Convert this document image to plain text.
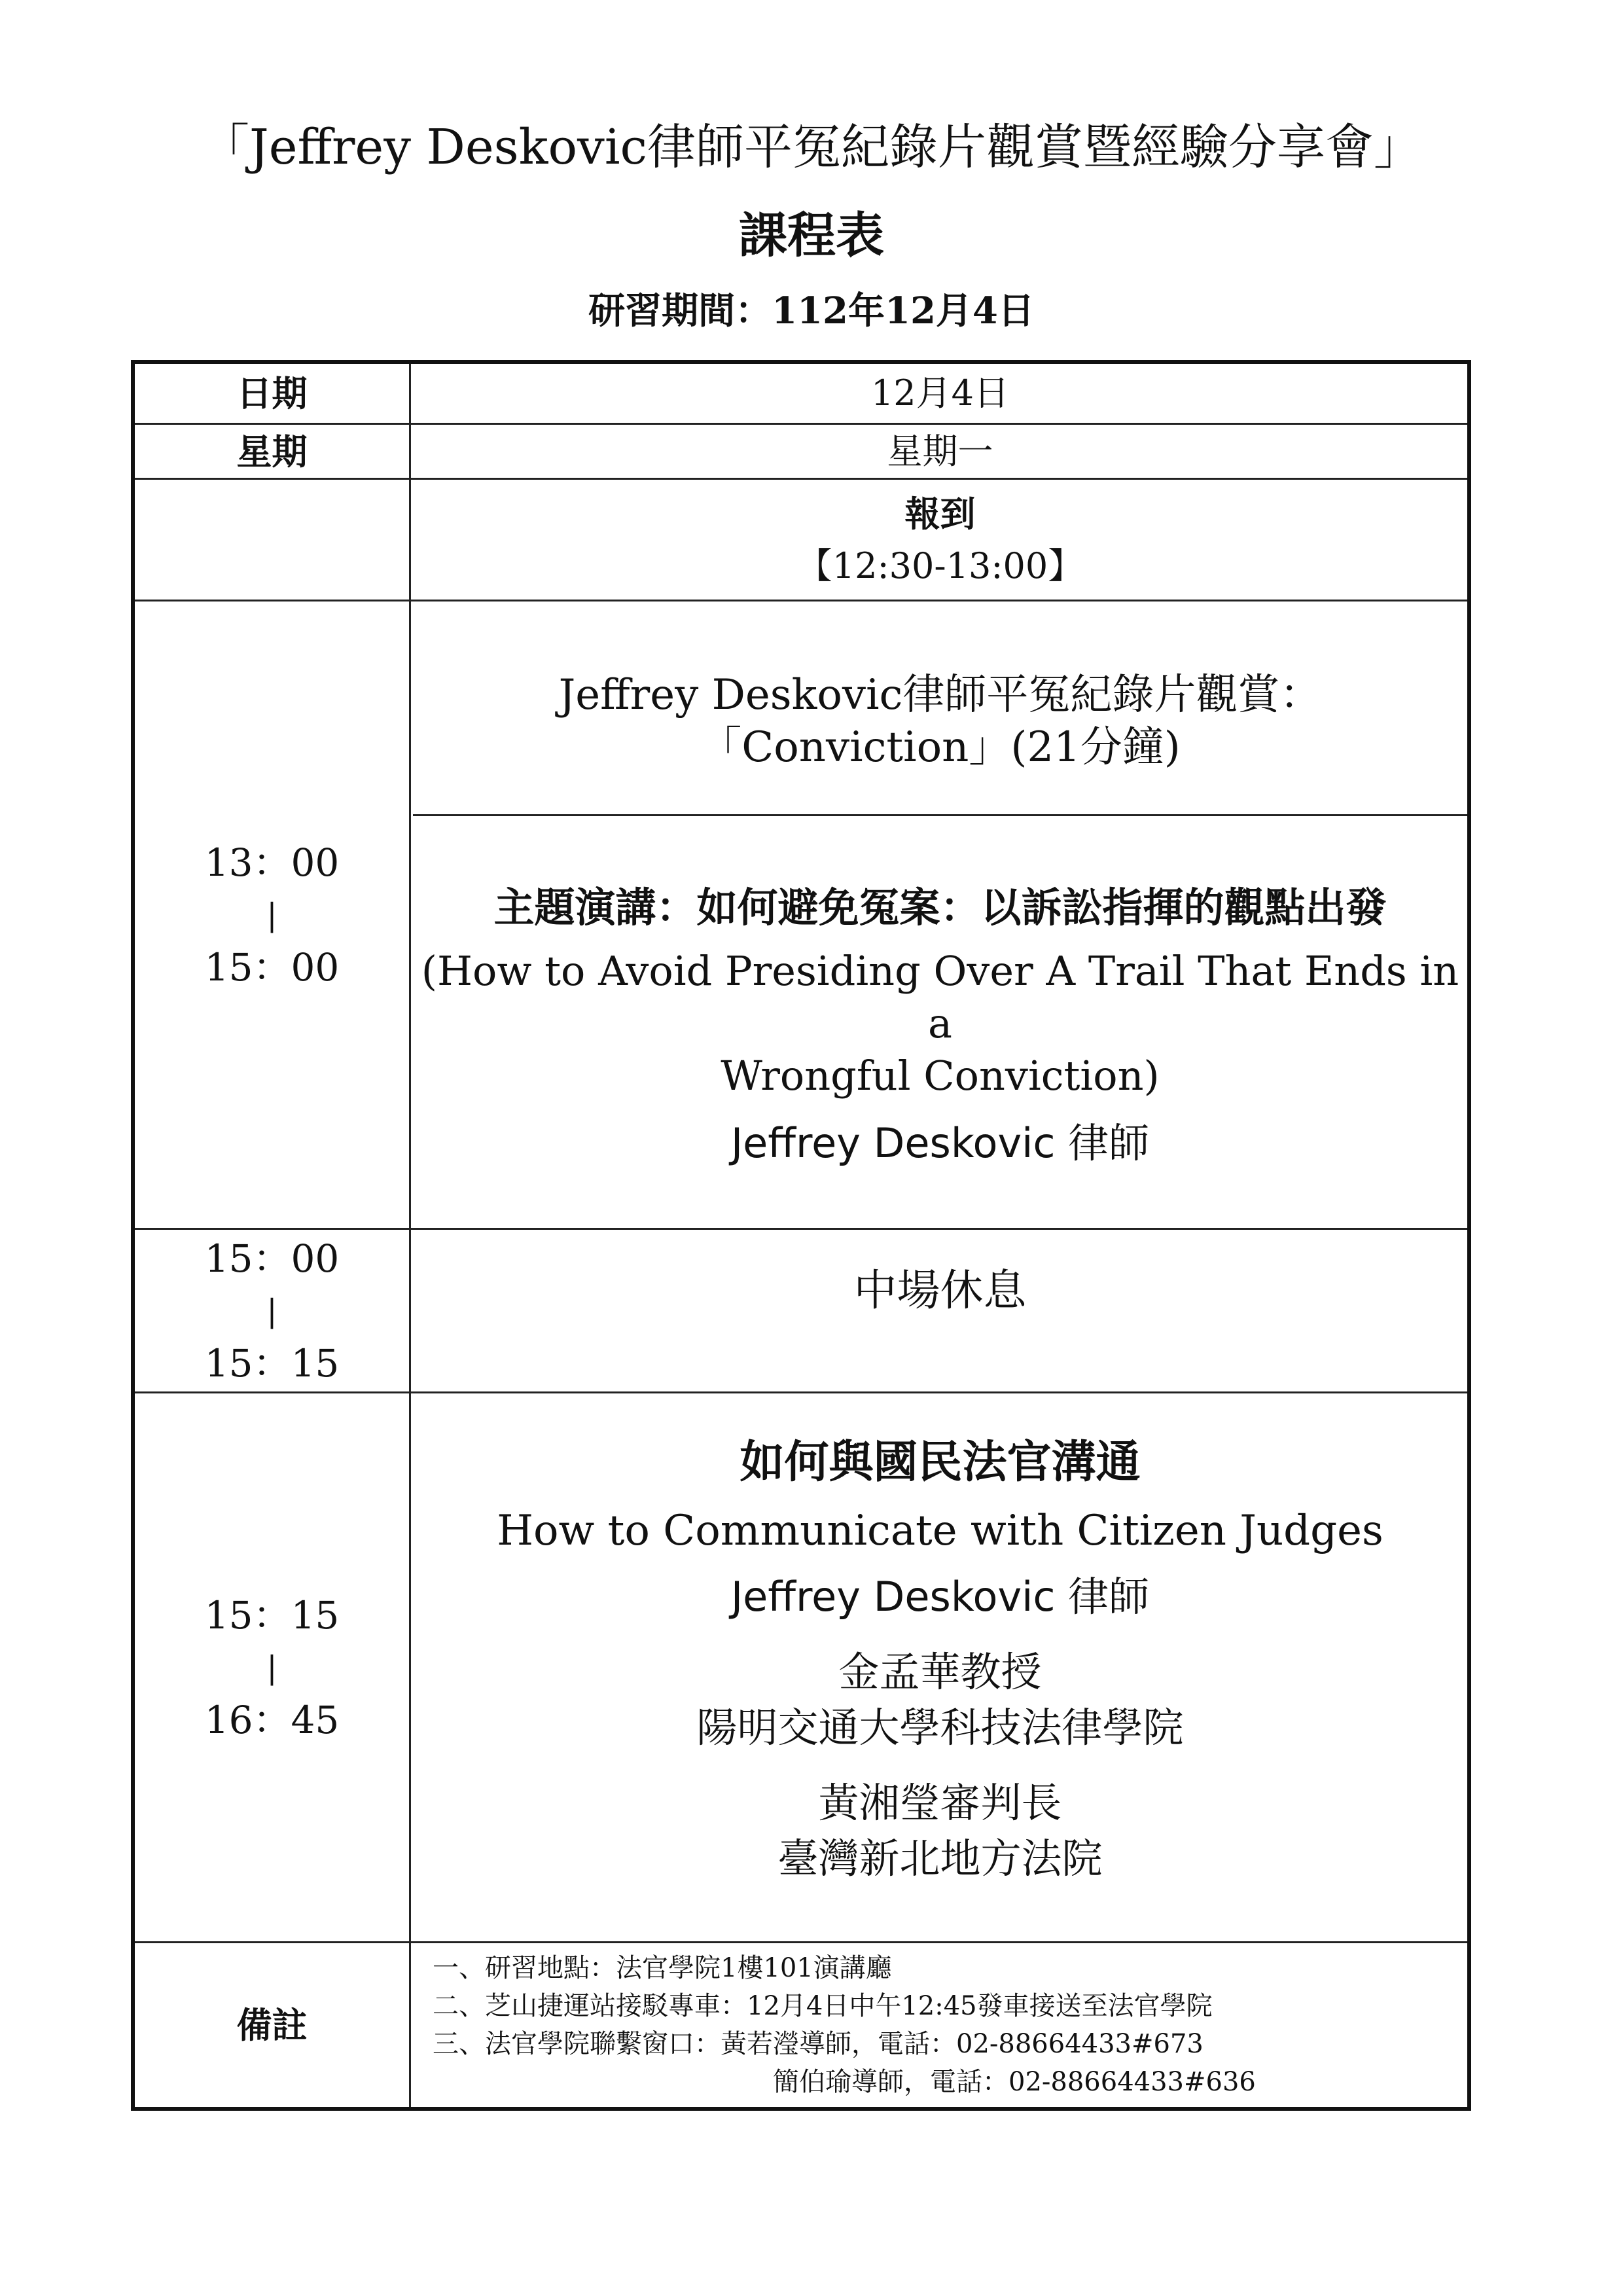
「Jeffrey Deskovic律師平冤紀錄片觀賞暨經驗分享會」
課程表
研習期間：112年12月4日
日期	12月4日
星期	星期一
報到
【12:30-13:00】
13：00
|
15：00
Jeffrey Deskovic律師平冤紀錄片觀賞：
「Conviction」(21分鐘)
主題演講：如何避免冤案：以訴訟指揮的觀點出發
(How to Avoid Presiding Over A Trail That Ends in a
Wrongful Conviction)
Jeffrey Deskovic 律師
15：00
|
15：15
中場休息
15：15
|
16：45
如何與國民法官溝通
How to Communicate with Citizen Judges
Jeffrey Deskovic 律師
金孟華教授
陽明交通大學科技法律學院
黃湘瑩審判長
臺灣新北地方法院
備註
一、研習地點：法官學院1樓101演講廳
二、芝山捷運站接駁專車：12月4日中午12:45發車接送至法官學院
三、法官學院聯繫窗口：黃若瀅導師，電話：02-88664433#673
簡伯瑜導師，電話：02-88664433#636
